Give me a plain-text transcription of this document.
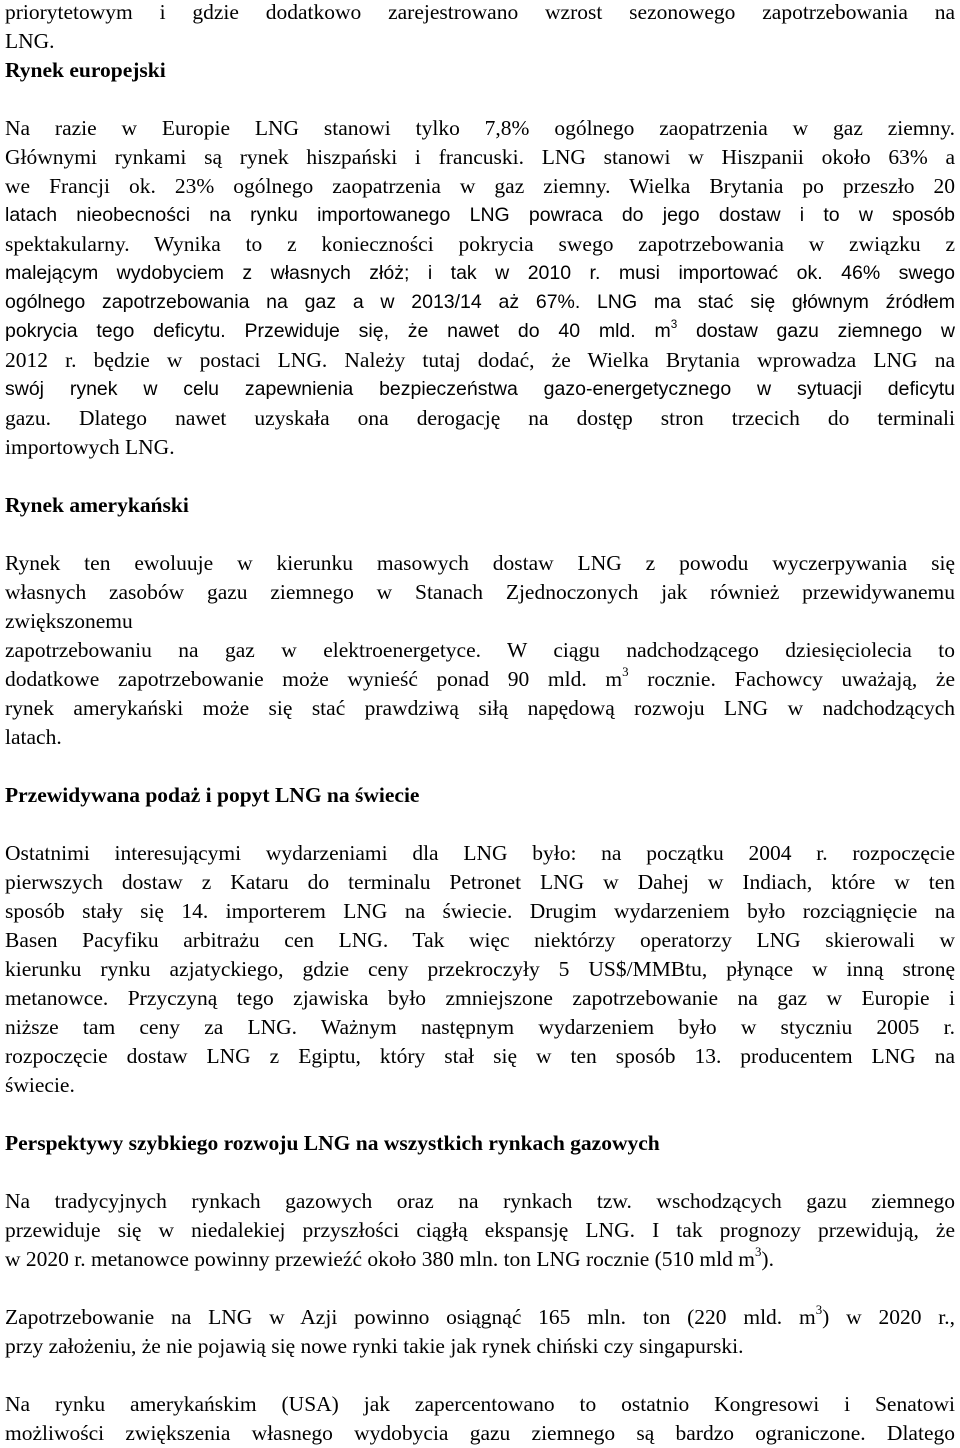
priorytetowym i gdzie dodatkowo zarejestrowano wzrost sezonowego zapotrzebowania na

LNG.

Rynek europejski

Na razie w Europie LNG stanowi tylko 7,8% ogólnego zaopatrzenia w gaz ziemny.

Głównymi rynkami są rynek hiszpański i francuski. LNG stanowi w Hiszpanii około 63% a

we Francji ok. 23% ogólnego zaopatrzenia w gaz ziemny. Wielka Brytania po przeszło 20

latach nieobecności na rynku importowanego LNG powraca do jego dostaw i to w sposób

spektakularny. Wynika to z konieczności pokrycia swego zapotrzebowania w związku z

malejącym wydobyciem z własnych złóż; i tak w 2010 r. musi importować ok. 46% swego

ogólnego zapotrzebowania na gaz a w 2013/14 aż 67%. LNG ma stać się głównym źródłem

pokrycia tego deficytu. Przewiduje się, że nawet do 40 mld. $m^3$ dostaw gazu ziemnego w

2012 r. będzie w postaci LNG. Należy tutaj dodać, że Wielka Brytania wprowadza LNG na

swój rynek w celu zapewnienia bezpieczeństwa gazo-energetycznego w sytuacji deficytu

gazu. Dlatego nawet uzyskała ona derogację na dostęp stron trzecich do terminali

importowych LNG.

Rynek amerykański

Rynek ten ewoluuje w kierunku masowych dostaw LNG z powodu wyczerpywania się

własnych zasobów gazu ziemnego w Stanach Zjednoczonych jak również przewidywanemu

zwiększonemu

zapotrzebowaniu na gaz w elektroenergetyce. W ciągu nadchodzącego dziesięciolecia to

dodatkowe zapotrzebowanie może wynieść ponad 90 mld. $m^3$ rocznie. Fachowcy uważają, że

rynek amerykański może się stać prawdziwą siłą napędową rozwoju LNG w nadchodzących

latach.

Przewidywana podaż i popyt LNG na świecie

Ostatnimi interesującymi wydarzeniami dla LNG było: na początku 2004 r. rozpoczęcie

pierwszych dostaw z Kataru do terminalu Petronet LNG w Dahej w Indiach, które w ten

sposób stały się 14. importerem LNG na świecie. Drugim wydarzeniem było rozciągnięcie na

Basen Pacyfiku arbitrażu cen LNG. Tak więc niektórzy operatorzy LNG skierowali w

kierunku rynku azjatyckiego, gdzie ceny przekroczyły 5 US$/MMBtu, płynące w inną stronę

metanowce. Przyczyną tego zjawiska było zmniejszone zapotrzebowanie na gaz w Europie i

niższe tam ceny za LNG. Ważnym następnym wydarzeniem było w styczniu 2005 r.

rozpoczęcie dostaw LNG z Egiptu, który stał się w ten sposób 13. producentem LNG na

świecie.

Perspektywy szybkiego rozwoju LNG na wszystkich rynkach gazowych

Na tradycyjnych rynkach gazowych oraz na rynkach tzw. wschodzących gazu ziemnego

przewiduje się w niedalekiej przyszłości ciągłą ekspansję LNG. I tak prognozy przewidują, że

w 2020 r. metanowce powinny przewieźć około 380 mln. ton LNG rocznie (510 mld $m^3$).

Zapotrzebowanie na LNG w Azji powinno osiągnąć 165 mln. ton (220 mld. $m^3$) w 2020 r.,

przy założeniu, że nie pojawią się nowe rynki takie jak rynek chiński czy singapurski.

Na rynku amerykańskim (USA) jak zapercentowano to ostatnio Kongresowi i Senatowi

możliwości zwiększenia własnego wydobycia gazu ziemnego są bardzo ograniczone. Dlatego
